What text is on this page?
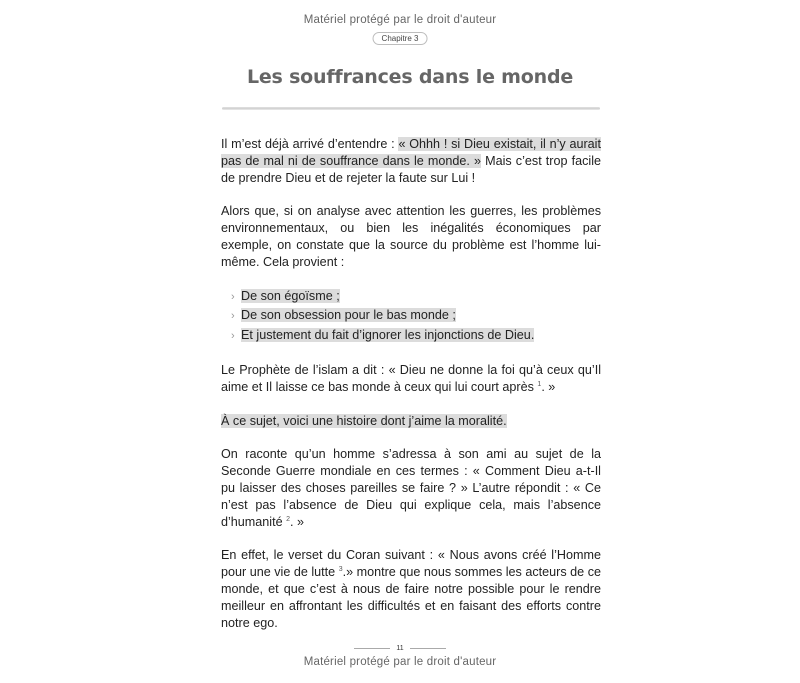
Matériel protégé par le droit d'auteur
Chapitre 3
Les souffrances dans le monde

Il m’est déjà arrivé d’entendre : « Ohhh ! si Dieu existait, il n’y aurait pas de mal ni de souffrance dans le monde. » Mais c’est trop facile de prendre Dieu et de rejeter la faute sur Lui !

Alors que, si on analyse avec attention les guerres, les problèmes environnementaux, ou bien les inégalités économiques par exemple, on constate que la source du problème est l’homme lui-même. Cela provient :

› De son égoïsme ;
› De son obsession pour le bas monde ;
› Et justement du fait d’ignorer les injonctions de Dieu.

Le Prophète de l’islam a dit : « Dieu ne donne la foi qu’à ceux qu’Il aime et Il laisse ce bas monde à ceux qui lui court après $^1$. »

À ce sujet, voici une histoire dont j’aime la moralité.

On raconte qu’un homme s’adressa à son ami au sujet de la Seconde Guerre mondiale en ces termes : « Comment Dieu a-t-Il pu laisser des choses pareilles se faire ? » L’autre répondit : « Ce n’est pas l’absence de Dieu qui explique cela, mais l’absence d’humanité $^2$. »

En effet, le verset du Coran suivant : « Nous avons créé l’Homme pour une vie de lutte $^3$.» montre que nous sommes les acteurs de ce monde, et que c’est à nous de faire notre possible pour le rendre meilleur en affrontant les difficultés et en faisant des efforts contre notre ego.

11
Matériel protégé par le droit d'auteur
